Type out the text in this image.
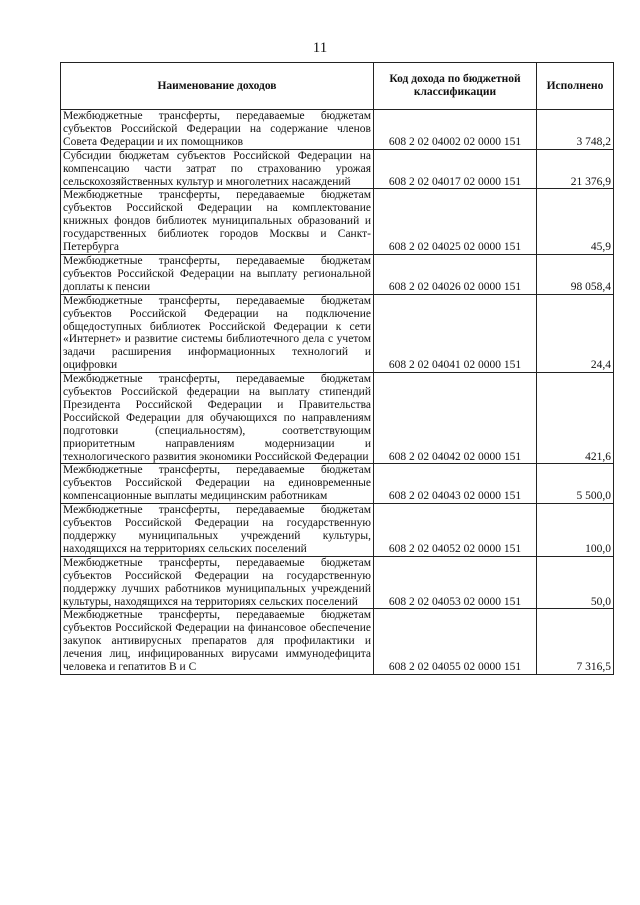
11
Наименование доходов	Код дохода по бюджетной классификации	Исполнено
Межбюджетные трансферты, передаваемые бюджетам субъектов Российской Федерации на содержание членов Совета Федерации и их помощников	608 2 02 04002 02 0000 151	3 748,2
Субсидии бюджетам субъектов Российской Федерации на компенсацию части затрат по страхованию урожая сельскохозяйственных культур и многолетних насаждений	608 2 02 04017 02 0000 151	21 376,9
Межбюджетные трансферты, передаваемые бюджетам субъектов Российской Федерации на комплектование книжных фондов библиотек муниципальных образований и государственных библиотек городов Москвы и Санкт-Петербурга	608 2 02 04025 02 0000 151	45,9
Межбюджетные трансферты, передаваемые бюджетам субъектов Российской Федерации на выплату региональной доплаты к пенсии	608 2 02 04026 02 0000 151	98 058,4
Межбюджетные трансферты, передаваемые бюджетам субъектов Российской Федерации на подключение общедоступных библиотек Российской Федерации к сети «Интернет» и развитие системы библиотечного дела с учетом задачи расширения информационных технологий и оцифровки	608 2 02 04041 02 0000 151	24,4
Межбюджетные трансферты, передаваемые бюджетам субъектов Российской федерации на выплату стипендий Президента Российской Федерации и Правительства Российской Федерации для обучающихся по направлениям подготовки (специальностям), соответствующим приоритетным направлениям модернизации и технологического развития экономики Российской Федерации	608 2 02 04042 02 0000 151	421,6
Межбюджетные трансферты, передаваемые бюджетам субъектов Российской Федерации на единовременные компенсационные выплаты медицинским работникам	608 2 02 04043 02 0000 151	5 500,0
Межбюджетные трансферты, передаваемые бюджетам субъектов Российской Федерации на государственную поддержку муниципальных учреждений культуры, находящихся на территориях сельских поселений	608 2 02 04052 02 0000 151	100,0
Межбюджетные трансферты, передаваемые бюджетам субъектов Российской Федерации на государственную поддержку лучших работников муниципальных учреждений культуры, находящихся на территориях сельских поселений	608 2 02 04053 02 0000 151	50,0
Межбюджетные трансферты, передаваемые бюджетам субъектов Российской Федерации на финансовое обеспечение закупок антивирусных препаратов для профилактики и лечения лиц, инфицированных вирусами иммунодефицита человека и гепатитов В и С	608 2 02 04055 02 0000 151	7 316,5
